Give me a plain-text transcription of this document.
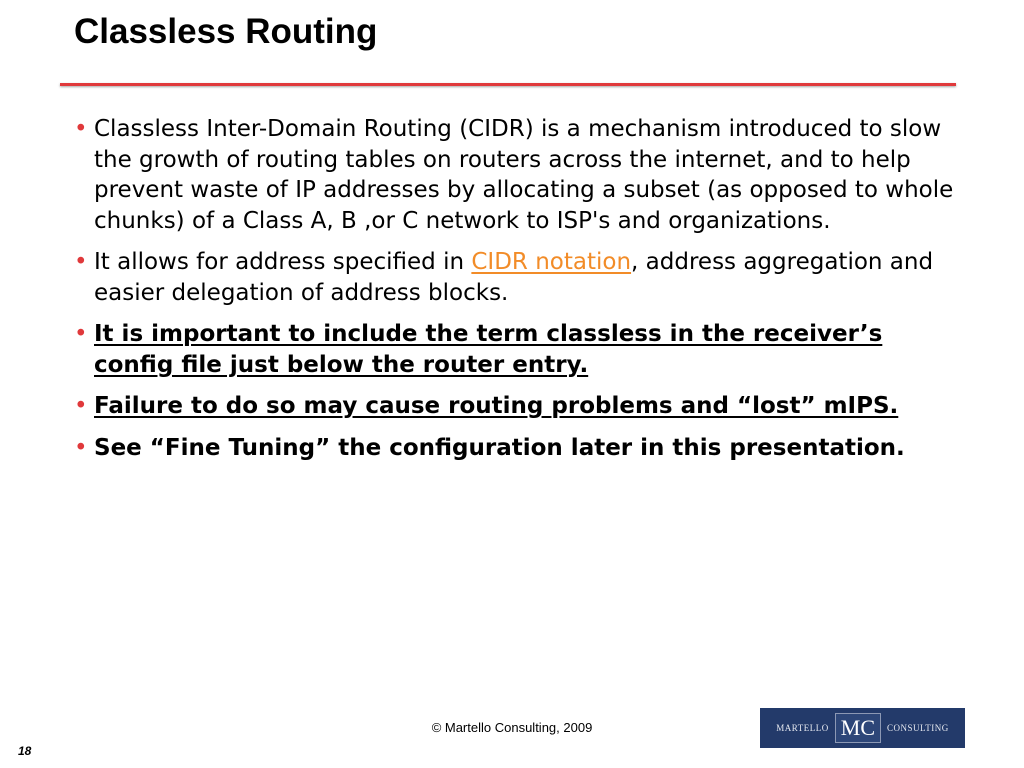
Classless Routing
• Classless Inter-Domain Routing (CIDR) is a mechanism introduced to slow the growth of routing tables on routers across the internet, and to help prevent waste of IP addresses by allocating a subset (as opposed to whole chunks) of a Class A, B ,or C network to ISP's and organizations.
• It allows for address specified in CIDR notation, address aggregation and easier delegation of address blocks.
• It is important to include the term classless in the receiver’s config file just below the router entry.
• Failure to do so may cause routing problems and “lost” mIPS.
• See “Fine Tuning” the configuration later in this presentation.
© Martello Consulting, 2009
18
MARTELLO MC	CONSULTING
